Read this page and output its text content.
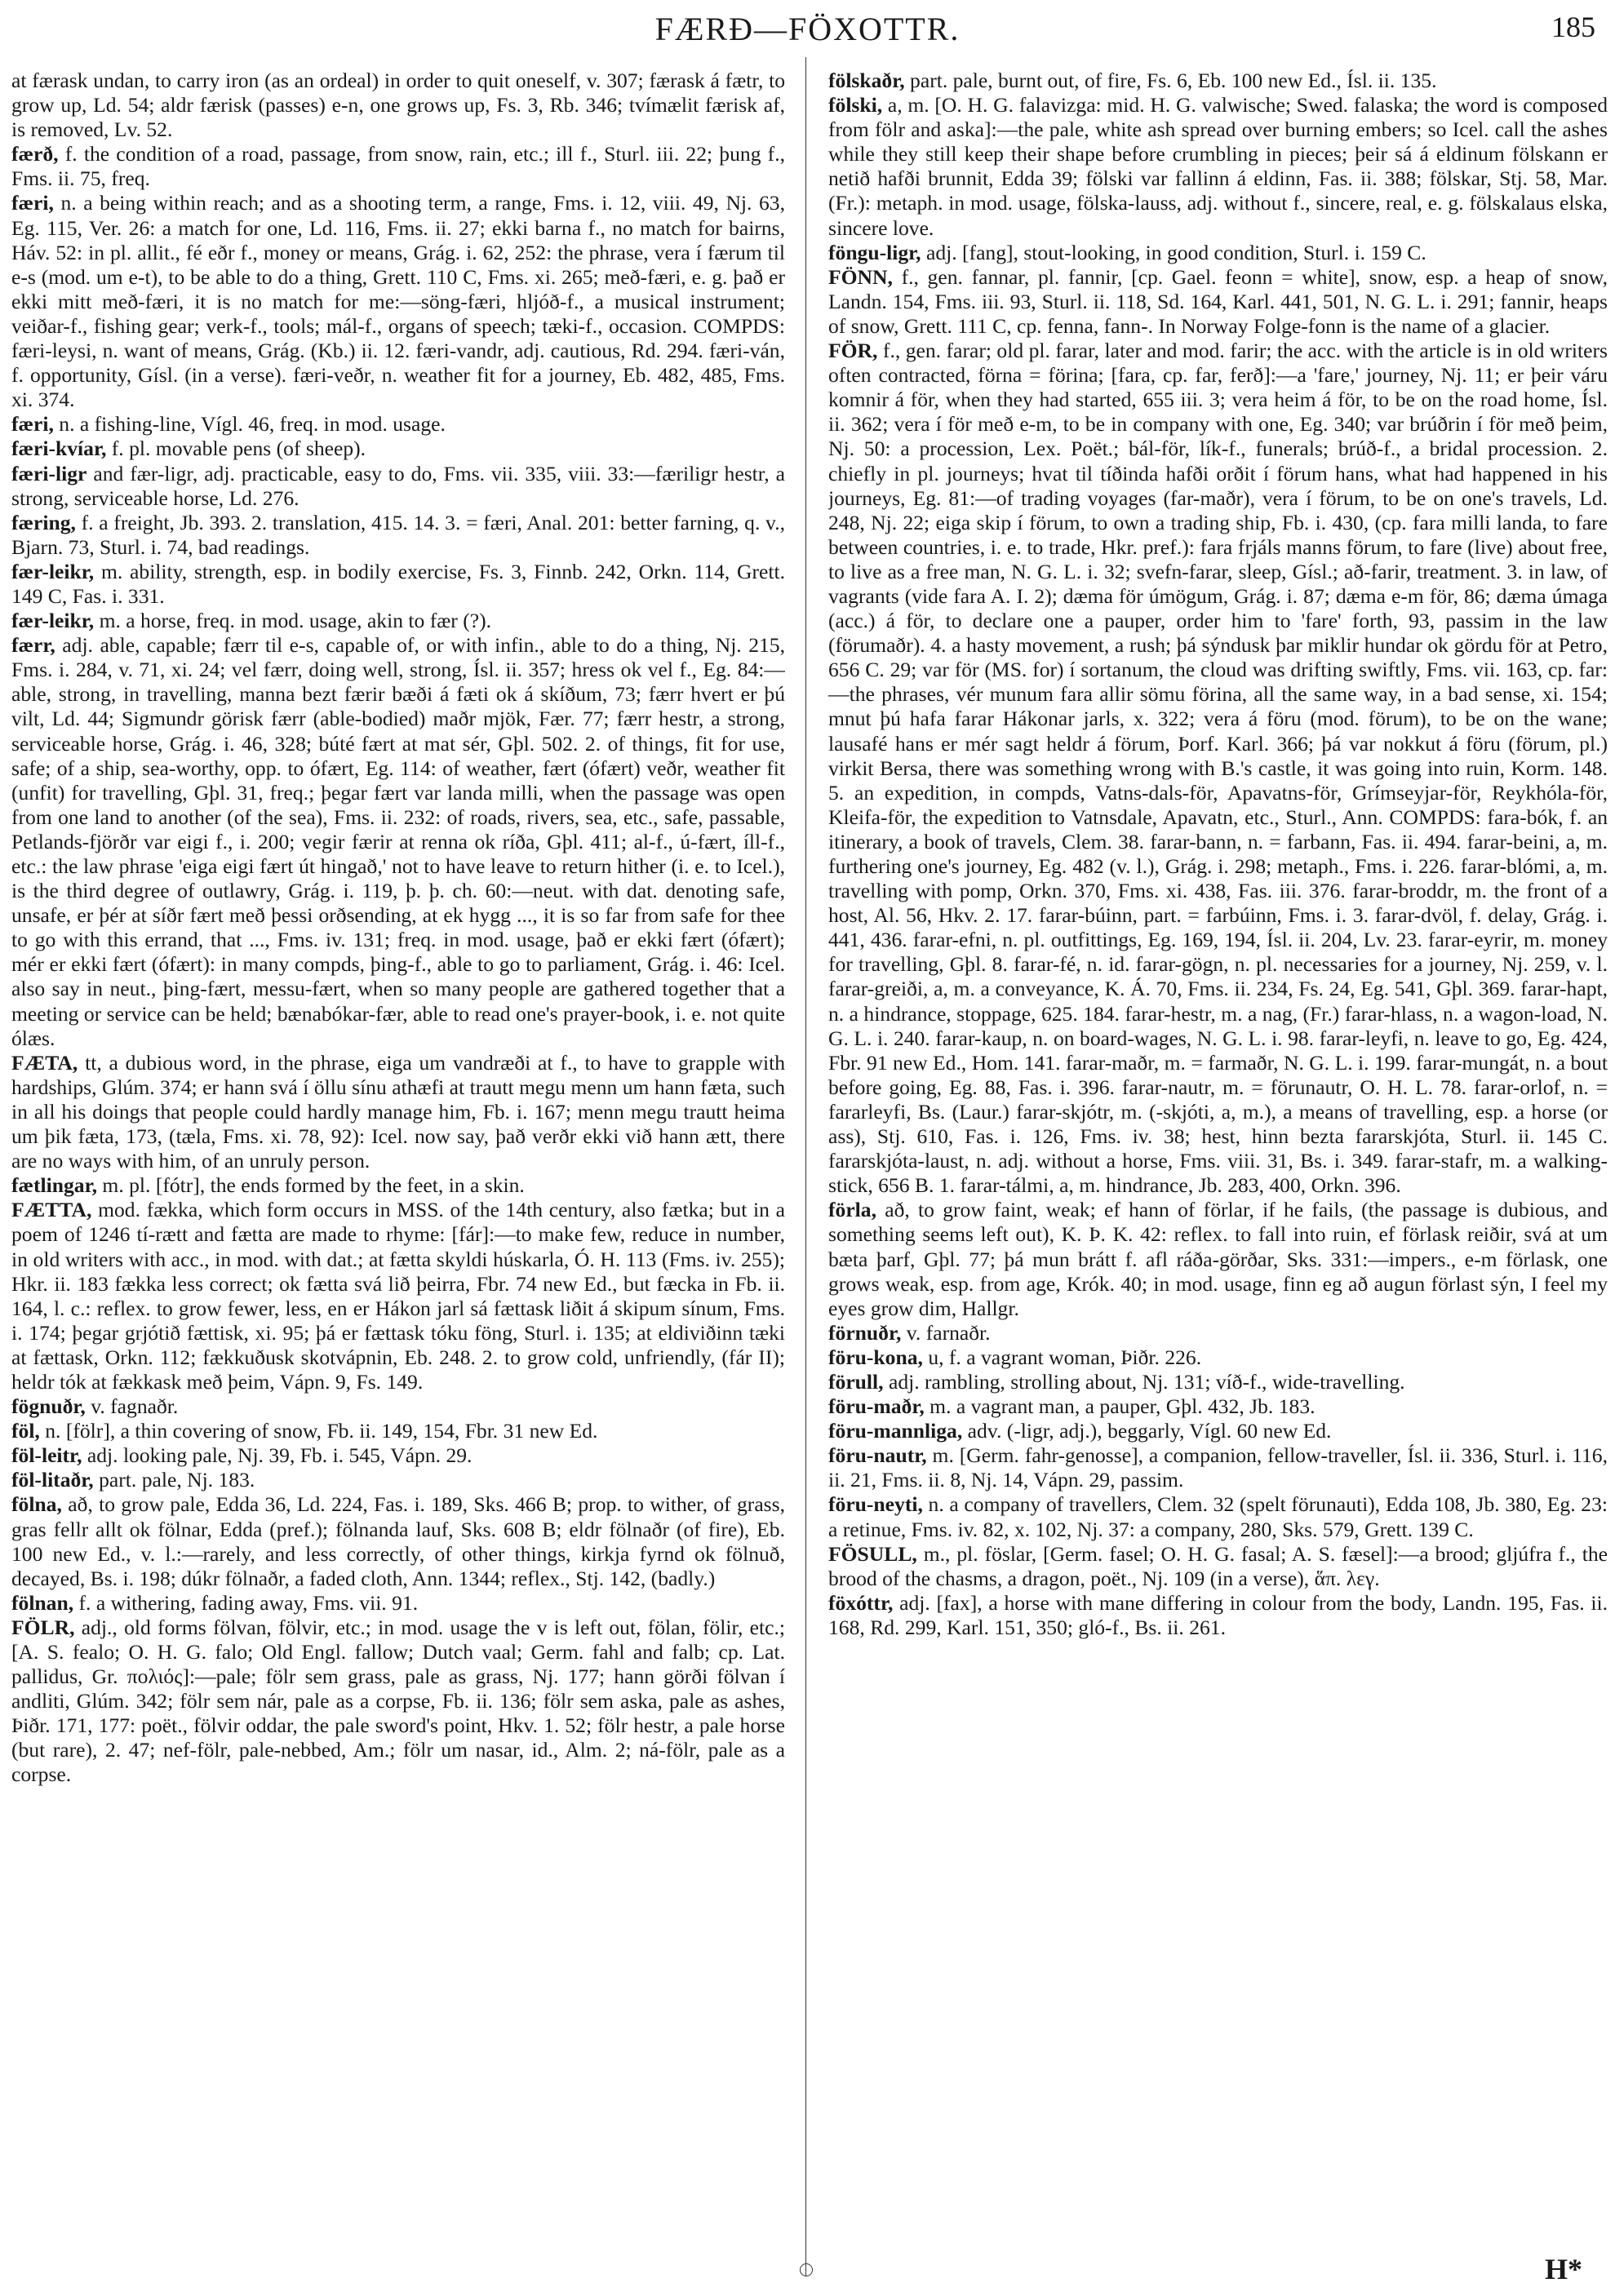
FÆRÐ—FÖXOTTR.	185
at færask undan, to carry iron (as an ordeal) in order to quit oneself, v. 307; færask á fætr, to grow up, Ld. 54; aldr færisk (passes) e-n, one grows up, Fs. 3, Rb. 346; tvímælit færisk af, is removed, Lv. 52.
færð, f. the condition of a road, passage, from snow, rain, etc.; ill f., Sturl. iii. 22; þung f., Fms. ii. 75, freq.
færi, n. a being within reach; and as a shooting term, a range, Fms. i. 12, viii. 49, Nj. 63, Eg. 115, Ver. 26: a match for one, Ld. 116, Fms. ii. 27; ekki barna f., no match for bairns, Háv. 52: in pl. allit., fé eðr f., money or means, Grág. i. 62, 252: the phrase, vera í færum til e-s (mod. um e-t), to be able to do a thing, Grett. 110 C, Fms. xi. 265; með-færi, e. g. það er ekki mitt með-færi, it is no match for me:—söng-færi, hljóð-f., a musical instrument; veiðar-f., fishing gear; verk-f., tools; mál-f., organs of speech; tæki-f., occasion. COMPDS: færi-leysi, n. want of means, Grág. (Kb.) ii. 12. færi-vandr, adj. cautious, Rd. 294. færi-ván, f. opportunity, Gísl. (in a verse). færi-veðr, n. weather fit for a journey, Eb. 482, 485, Fms. xi. 374.
færi, n. a fishing-line, Vígl. 46, freq. in mod. usage.
færi-kvíar, f. pl. movable pens (of sheep).
færi-ligr and fær-ligr, adj. practicable, easy to do, Fms. vii. 335, viii. 33:—færiligr hestr, a strong, serviceable horse, Ld. 276.
færing, f. a freight, Jb. 393. 2. translation, 415. 14. 3. = færi, Anal. 201: better farning, q. v., Bjarn. 73, Sturl. i. 74, bad readings.
fær-leikr, m. ability, strength, esp. in bodily exercise, Fs. 3, Finnb. 242, Orkn. 114, Grett. 149 C, Fas. i. 331.
fær-leikr, m. a horse, freq. in mod. usage, akin to fær (?).
færr, adj. able, capable; færr til e-s, capable of, or with infin., able to do a thing, Nj. 215, Fms. i. 284, v. 71, xi. 24; vel færr, doing well, strong, Ísl. ii. 357; hress ok vel f., Eg. 84:—able, strong, in travelling, manna bezt færir bæði á fæti ok á skíðum, 73; færr hvert er þú vilt, Ld. 44; Sigmundr görisk færr (able-bodied) maðr mjök, Fær. 77; færr hestr, a strong, serviceable horse, Grág. i. 46, 328; búté fært at mat sér, Gþl. 502. 2. of things, fit for use, safe; of a ship, sea-worthy, opp. to ófært, Eg. 114: of weather, fært (ófært) veðr, weather fit (unfit) for travelling, Gþl. 31, freq.; þegar fært var landa milli, when the passage was open from one land to another (of the sea), Fms. ii. 232: of roads, rivers, sea, etc., safe, passable, Petlands-fjörðr var eigi f., i. 200; vegir færir at renna ok ríða, Gþl. 411; al-f., ú-fært, íll-f., etc.: the law phrase 'eiga eigi fært út hingað,' not to have leave to return hither (i. e. to Icel.), is the third degree of outlawry, Grág. i. 119, þ. þ. ch. 60:—neut. with dat. denoting safe, unsafe, er þér at síðr fært með þessi orðsending, at ek hygg ..., it is so far from safe for thee to go with this errand, that ..., Fms. iv. 131; freq. in mod. usage, það er ekki fært (ófært); mér er ekki fært (ófært): in many compds, þing-f., able to go to parliament, Grág. i. 46: Icel. also say in neut., þing-fært, messu-fært, when so many people are gathered together that a meeting or service can be held; bænabókar-fær, able to read one's prayer-book, i. e. not quite ólæs.
FÆTA, tt, a dubious word, in the phrase, eiga um vandræði at f., to have to grapple with hardships, Glúm. 374; er hann svá í öllu sínu athæfi at trautt megu menn um hann fæta, such in all his doings that people could hardly manage him, Fb. i. 167; menn megu trautt heima um þik fæta, 173, (tæla, Fms. xi. 78, 92): Icel. now say, það verðr ekki við hann ætt, there are no ways with him, of an unruly person.
fætlingar, m. pl. [fótr], the ends formed by the feet, in a skin.
FÆTTA, mod. fækka, which form occurs in MSS. of the 14th century, also fætka; but in a poem of 1246 tí-rætt and fætta are made to rhyme: [fár]:—to make few, reduce in number, in old writers with acc., in mod. with dat.; at fætta skyldi húskarla, Ó. H. 113 (Fms. iv. 255); Hkr. ii. 183 fækka less correct; ok fætta svá lið þeirra, Fbr. 74 new Ed., but fæcka in Fb. ii. 164, l. c.: reflex. to grow fewer, less, en er Hákon jarl sá fættask liðit á skipum sínum, Fms. i. 174; þegar grjótið fættisk, xi. 95; þá er fættask tóku föng, Sturl. i. 135; at eldiviðinn tæki at fættask, Orkn. 112; fækkuðusk skotvápnin, Eb. 248. 2. to grow cold, unfriendly, (fár II); heldr tók at fækkask með þeim, Vápn. 9, Fs. 149.
fögnuðr, v. fagnaðr.
föl, n. [fölr], a thin covering of snow, Fb. ii. 149, 154, Fbr. 31 new Ed.
föl-leitr, adj. looking pale, Nj. 39, Fb. i. 545, Vápn. 29.
föl-litaðr, part. pale, Nj. 183.
fölna, að, to grow pale, Edda 36, Ld. 224, Fas. i. 189, Sks. 466 B; prop. to wither, of grass, gras fellr allt ok fölnar, Edda (pref.); fölnanda lauf, Sks. 608 B; eldr fölnaðr (of fire), Eb. 100 new Ed., v. l.:—rarely, and less correctly, of other things, kirkja fyrnd ok fölnuð, decayed, Bs. i. 198; dúkr fölnaðr, a faded cloth, Ann. 1344; reflex., Stj. 142, (badly.)
fölnan, f. a withering, fading away, Fms. vii. 91.
FÖLR, adj., old forms fölvan, fölvir, etc.; in mod. usage the v is left out, fölan, fölir, etc.; [A. S. fealo; O. H. G. falo; Old Engl. fallow; Dutch vaal; Germ. fahl and falb; cp. Lat. pallidus, Gr. πολιός]:—pale; fölr sem grass, pale as grass, Nj. 177; hann görði fölvan í andliti, Glúm. 342; fölr sem nár, pale as a corpse, Fb. ii. 136; fölr sem aska, pale as ashes, Þiðr. 171, 177: poët., fölvir oddar, the pale sword's point, Hkv. 1. 52; fölr hestr, a pale horse (but rare), 2. 47; nef-fölr, pale-nebbed, Am.; fölr um nasar, id., Alm. 2; ná-fölr, pale as a corpse.
fölskaðr, part. pale, burnt out, of fire, Fs. 6, Eb. 100 new Ed., Ísl. ii. 135.
fölski, a, m. [O. H. G. falavizga: mid. H. G. valwische; Swed. falaska; the word is composed from fölr and aska]:—the pale, white ash spread over burning embers; so Icel. call the ashes while they still keep their shape before crumbling in pieces; þeir sá á eldinum fölskann er netið hafði brunnit, Edda 39; fölski var fallinn á eldinn, Fas. ii. 388; fölskar, Stj. 58, Mar. (Fr.): metaph. in mod. usage, fölska-lauss, adj. without f., sincere, real, e. g. fölskalaus elska, sincere love.
föngu-ligr, adj. [fang], stout-looking, in good condition, Sturl. i. 159 C.
FÖNN, f., gen. fannar, pl. fannir, [cp. Gael. feonn = white], snow, esp. a heap of snow, Landn. 154, Fms. iii. 93, Sturl. ii. 118, Sd. 164, Karl. 441, 501, N. G. L. i. 291; fannir, heaps of snow, Grett. 111 C, cp. fenna, fann-. In Norway Folge-fonn is the name of a glacier.
FÖR, f., gen. farar; old pl. farar, later and mod. farir; the acc. with the article is in old writers often contracted, förna = förina; [fara, cp. far, ferð]:—a 'fare,' journey, Nj. 11; er þeir váru komnir á för, when they had started, 655 iii. 3; vera heim á för, to be on the road home, Ísl. ii. 362; vera í för með e-m, to be in company with one, Eg. 340; var brúðrin í för með þeim, Nj. 50: a procession, Lex. Poët.; bál-för, lík-f., funerals; brúð-f., a bridal procession. 2. chiefly in pl. journeys; hvat til tíðinda hafði orðit í förum hans, what had happened in his journeys, Eg. 81:—of trading voyages (far-maðr), vera í förum, to be on one's travels, Ld. 248, Nj. 22; eiga skip í förum, to own a trading ship, Fb. i. 430, (cp. fara milli landa, to fare between countries, i. e. to trade, Hkr. pref.): fara frjáls manns förum, to fare (live) about free, to live as a free man, N. G. L. i. 32; svefn-farar, sleep, Gísl.; að-farir, treatment. 3. in law, of vagrants (vide fara A. I. 2); dæma för úmögum, Grág. i. 87; dæma e-m för, 86; dæma úmaga (acc.) á för, to declare one a pauper, order him to 'fare' forth, 93, passim in the law (förumaðr). 4. a hasty movement, a rush; þá sýndusk þar miklir hundar ok gördu för at Petro, 656 C. 29; var för (MS. for) í sortanum, the cloud was drifting swiftly, Fms. vii. 163, cp. far:—the phrases, vér munum fara allir sömu förina, all the same way, in a bad sense, xi. 154; mnut þú hafa farar Hákonar jarls, x. 322; vera á föru (mod. förum), to be on the wane; lausafé hans er mér sagt heldr á förum, Þorf. Karl. 366; þá var nokkut á föru (förum, pl.) virkit Bersa, there was something wrong with B.'s castle, it was going into ruin, Korm. 148. 5. an expedition, in compds, Vatns-dals-för, Apavatns-för, Grímseyjar-för, Reykhóla-för, Kleifa-för, the expedition to Vatnsdale, Apavatn, etc., Sturl., Ann. COMPDS: fara-bók, f. an itinerary, a book of travels, Clem. 38. farar-bann, n. = farbann, Fas. ii. 494. farar-beini, a, m. furthering one's journey, Eg. 482 (v. l.), Grág. i. 298; metaph., Fms. i. 226. farar-blómi, a, m. travelling with pomp, Orkn. 370, Fms. xi. 438, Fas. iii. 376. farar-broddr, m. the front of a host, Al. 56, Hkv. 2. 17. farar-búinn, part. = farbúinn, Fms. i. 3. farar-dvöl, f. delay, Grág. i. 441, 436. farar-efni, n. pl. outfittings, Eg. 169, 194, Ísl. ii. 204, Lv. 23. farar-eyrir, m. money for travelling, Gþl. 8. farar-fé, n. id. farar-gögn, n. pl. necessaries for a journey, Nj. 259, v. l. farar-greiði, a, m. a conveyance, K. Á. 70, Fms. ii. 234, Fs. 24, Eg. 541, Gþl. 369. farar-hapt, n. a hindrance, stoppage, 625. 184. farar-hestr, m. a nag, (Fr.) farar-hlass, n. a wagon-load, N. G. L. i. 240. farar-kaup, n. on board-wages, N. G. L. i. 98. farar-leyfi, n. leave to go, Eg. 424, Fbr. 91 new Ed., Hom. 141. farar-maðr, m. = farmaðr, N. G. L. i. 199. farar-mungát, n. a bout before going, Eg. 88, Fas. i. 396. farar-nautr, m. = förunautr, O. H. L. 78. farar-orlof, n. = fararleyfi, Bs. (Laur.) farar-skjótr, m. (-skjóti, a, m.), a means of travelling, esp. a horse (or ass), Stj. 610, Fas. i. 126, Fms. iv. 38; hest, hinn bezta fararskjóta, Sturl. ii. 145 C. fararskjóta-laust, n. adj. without a horse, Fms. viii. 31, Bs. i. 349. farar-stafr, m. a walking-stick, 656 B. 1. farar-tálmi, a, m. hindrance, Jb. 283, 400, Orkn. 396.
förla, að, to grow faint, weak; ef hann of förlar, if he fails, (the passage is dubious, and something seems left out), K. Þ. K. 42: reflex. to fall into ruin, ef förlask reiðir, svá at um bæta þarf, Gþl. 77; þá mun brátt f. afl ráða-görðar, Sks. 331:—impers., e-m förlask, one grows weak, esp. from age, Krók. 40; in mod. usage, finn eg að augun förlast sýn, I feel my eyes grow dim, Hallgr.
förnuðr, v. farnaðr.
föru-kona, u, f. a vagrant woman, Þiðr. 226.
förull, adj. rambling, strolling about, Nj. 131; víð-f., wide-travelling.
föru-maðr, m. a vagrant man, a pauper, Gþl. 432, Jb. 183.
föru-mannliga, adv. (-ligr, adj.), beggarly, Vígl. 60 new Ed.
föru-nautr, m. [Germ. fahr-genosse], a companion, fellow-traveller, Ísl. ii. 336, Sturl. i. 116, ii. 21, Fms. ii. 8, Nj. 14, Vápn. 29, passim.
föru-neyti, n. a company of travellers, Clem. 32 (spelt förunauti), Edda 108, Jb. 380, Eg. 23: a retinue, Fms. iv. 82, x. 102, Nj. 37: a company, 280, Sks. 579, Grett. 139 C.
FÖSULL, m., pl. föslar, [Germ. fasel; O. H. G. fasal; A. S. fæsel]:—a brood; gljúfra f., the brood of the chasms, a dragon, poët., Nj. 109 (in a verse), ἅπ. λεγ.
föxóttr, adj. [fax], a horse with mane differing in colour from the body, Landn. 195, Fas. ii. 168, Rd. 299, Karl. 151, 350; gló-f., Bs. ii. 261.
H*
